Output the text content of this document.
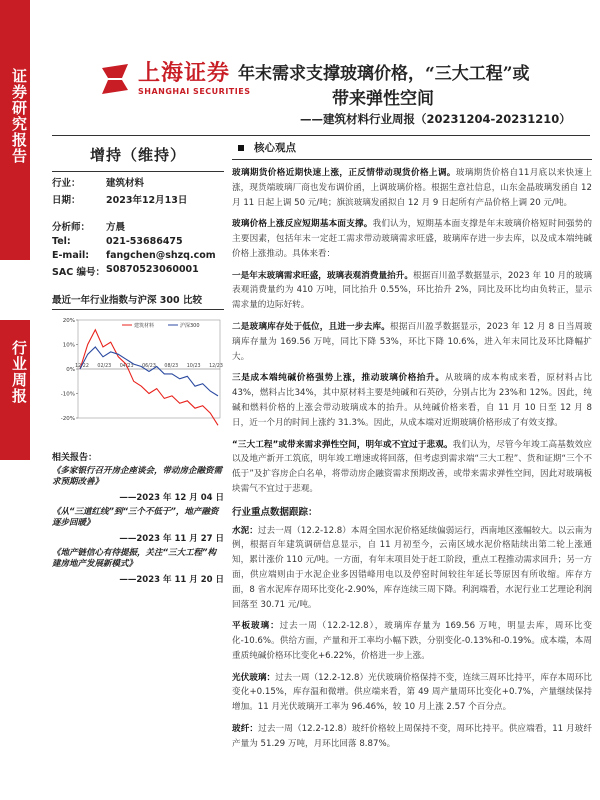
证券研究报告
行业周报
上海证券
SHANGHAI SECURITIES
年末需求支撑玻璃价格，“三大工程”或
带来弹性空间
——建筑材料行业周报（20231204-20231210）
增持（维持）
行业：	建筑材料
日期：	2023年12月13日
分析师：	方晨
Tel:	021-53686475
E-mail:	fangchen@shzq.com
SAC 编号： S0870523060001
最近一年行业指数与沪深 300 比较
20%
10%
0%
-10%
-20%
12/22 02/23 04/23 06/23 08/23 10/23 12/23
建筑材料	沪深300
相关报告：
《多家银行召开房企座谈会，带动房企融资需求预期改善》
——2023 年 12 月 04 日
《从“三道红线”到“三个不低于”，地产融资逐步回暖》
——2023 年 11 月 27 日
《地产链信心有待提振，关注“三大工程”构建房地产发展新模式》
——2023 年 11 月 20 日
核心观点

玻璃期货价格近期快速上涨，正反情带动现货价格上调。玻璃期货价格自11月底以来快速上涨，现货端玻璃厂商也发布调价函，上调玻璃价格。根据生意社信息，山东金晶玻璃发函自 12 月 11 日起上调 50 元/吨；旗滨玻璃发函拟自 12 月 9 日起所有产品价格上调 20 元/吨。

玻璃价格上涨反应短期基本面支撑。我们认为，短期基本面支撑是年末玻璃价格短时间强势的主要因素，包括年末一定赶工需求带动玻璃需求旺盛，玻璃库存进一步去库，以及成本端纯碱价格上涨推动。具体来看：

一是年末玻璃需求旺盛，玻璃表观消费量抬升。根据百川盈孚数据显示，2023 年 10 月的玻璃表观消费量约为 410 万吨，同比抬升 0.55%，环比抬升 2%，同比及环比均由负转正，显示需求量的边际好转。

二是玻璃库存处于低位，且进一步去库。根据百川盈孚数据显示，2023 年 12 月 8 日当周玻璃库存量为 169.56 万吨，同比下降 53%，环比下降 10.6%，进入年末同比及环比降幅扩大。

三是成本端纯碱价格强势上涨，推动玻璃价格抬升。从玻璃的成本构成来看，原材料占比43%，燃料占比34%，其中原材料主要是纯碱和石英砂，分别占比为 23%和 12%。因此，纯碱和燃料价格的上涨会带动玻璃成本的抬升。从纯碱价格来看，自 11 月 10 日至 12 月 8 日，近一个月的时间上涨约 31.3%。因此，从成本端对近期玻璃价格形成了有效支撑。

“三大工程”或带来需求弹性空间，明年或不宜过于悲观。我们认为，尽管今年竣工高基数效应以及地产新开工筑底，明年竣工增速或将回落，但考虑到需求端“三大工程”、货和证期“三个不低于”及扩容房企白名单，将带动房企融资需求预期改善，或带来需求弹性空间，因此对玻璃板块需气不宜过于悲观。

行业重点数据跟踪：

水泥：过去一周（12.2-12.8）本周全国水泥价格延续偏弱运行，西南地区涨幅较大。以云南为例，根据百年建筑调研信息显示，自 11 月初至今，云南区域水泥价格陆续出第二轮上涨通知，累计涨价 110 元/吨。一方面，有年末项目处于赶工阶段，重点工程推动需求回升；另一方面，供应端则由于水泥企业多因错峰用电以及停窑时间较往年延长等原因有所收缩。库存方面，8 省水泥库存周环比变化-2.90%，库存连续三周下降。利润端看，水泥行业工艺理论利润回落至 30.71 元/吨。

平板玻璃：过去一周（12.2-12.8），玻璃库存量为 169.56 万吨，明显去库，周环比变化-10.6%。供给方面，产量和开工率均小幅下跌，分别变化-0.13%和-0.19%。成本端，本周重质纯碱价格环比变化+6.22%，价格进一步上涨。

光伏玻璃：过去一周（12.2-12.8）光伏玻璃价格保持不变，连续三周环比持平，库存本周环比变化+0.15%，库存温和微增。供应端来看，第 49 周产量周环比变化+0.7%，产量继续保持增加。11 月光伏玻璃开工率为 96.46%，较 10 月上涨 2.57 个百分点。

玻纤：过去一周（12.2-12.8）玻纤价格较上周保持不变，周环比持平。供应端看，11 月玻纤产量为 51.29 万吨，月环比回落 8.87%。
